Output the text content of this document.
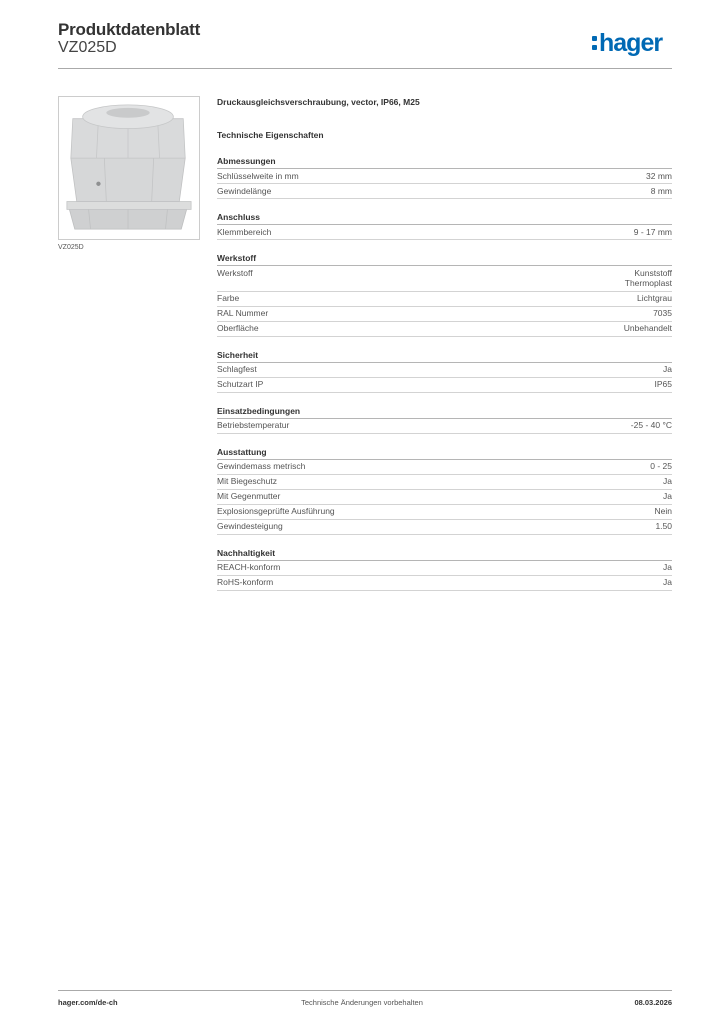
Produktdatenblatt
VZ025D	hager
VZ025D
Druckausgleichsverschraubung, vector, IP66, M25
Technische Eigenschaften
Abmessungen
Schlüsselweite in mm	32 mm
Gewindelänge	8 mm
Anschluss
Klemmbereich	9 - 17 mm
Werkstoff
Werkstoff	Kunststoff
Thermoplast
Farbe	Lichtgrau
RAL Nummer	7035
Oberfläche	Unbehandelt
Sicherheit
Schlagfest	Ja
Schutzart IP	IP65
Einsatzbedingungen
Betriebstemperatur	-25 - 40 °C
Ausstattung
Gewindemass metrisch	0 - 25
Mit Biegeschutz	Ja
Mit Gegenmutter	Ja
Explosionsgeprüfte Ausführung	Nein
Gewindesteigung	1.50
Nachhaltigkeit
REACH-konform	Ja
RoHS-konform	Ja
Technische Änderungen vorbehalten
hager.com/de-ch	08.03.2026
